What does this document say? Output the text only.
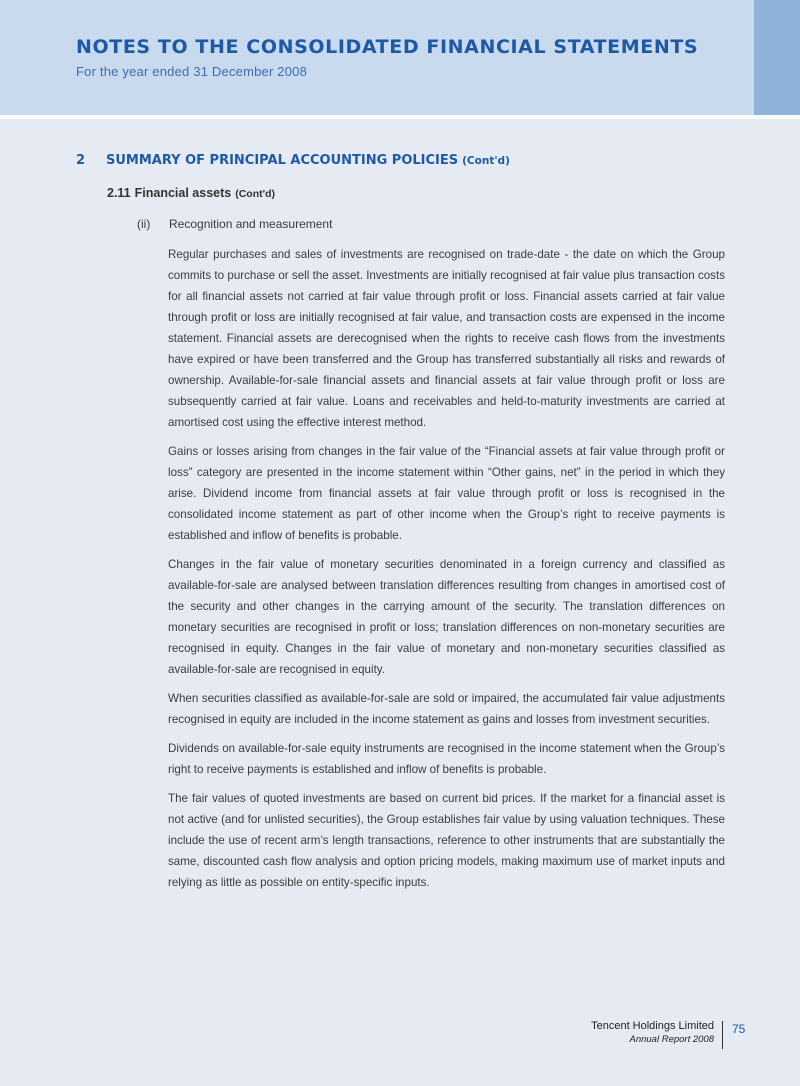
NOTES TO THE CONSOLIDATED FINANCIAL STATEMENTS
For the year ended 31 December 2008
2	SUMMARY OF PRINCIPAL ACCOUNTING POLICIES (Cont'd)
2.11 Financial assets (Cont'd)
(ii)	Recognition and measurement

Regular purchases and sales of investments are recognised on trade-date - the date on which the Group commits to purchase or sell the asset. Investments are initially recognised at fair value plus transaction costs for all financial assets not carried at fair value through profit or loss. Financial assets carried at fair value through profit or loss are initially recognised at fair value, and transaction costs are expensed in the income statement. Financial assets are derecognised when the rights to receive cash flows from the investments have expired or have been transferred and the Group has transferred substantially all risks and rewards of ownership. Available-for-sale financial assets and financial assets at fair value through profit or loss are subsequently carried at fair value. Loans and receivables and held-to-maturity investments are carried at amortised cost using the effective interest method.

Gains or losses arising from changes in the fair value of the “Financial assets at fair value through profit or loss” category are presented in the income statement within “Other gains, net” in the period in which they arise. Dividend income from financial assets at fair value through profit or loss is recognised in the consolidated income statement as part of other income when the Group’s right to receive payments is established and inflow of benefits is probable.

Changes in the fair value of monetary securities denominated in a foreign currency and classified as available-for-sale are analysed between translation differences resulting from changes in amortised cost of the security and other changes in the carrying amount of the security. The translation differences on monetary securities are recognised in profit or loss; translation differences on non-monetary securities are recognised in equity. Changes in the fair value of monetary and non-monetary securities classified as available-for-sale are recognised in equity.

When securities classified as available-for-sale are sold or impaired, the accumulated fair value adjustments recognised in equity are included in the income statement as gains and losses from investment securities.

Dividends on available-for-sale equity instruments are recognised in the income statement when the Group’s right to receive payments is established and inflow of benefits is probable.

The fair values of quoted investments are based on current bid prices. If the market for a financial asset is not active (and for unlisted securities), the Group establishes fair value by using valuation techniques. These include the use of recent arm’s length transactions, reference to other instruments that are substantially the same, discounted cash flow analysis and option pricing models, making maximum use of market inputs and relying as little as possible on entity-specific inputs.

Tencent Holdings Limited
Annual Report 2008
75
